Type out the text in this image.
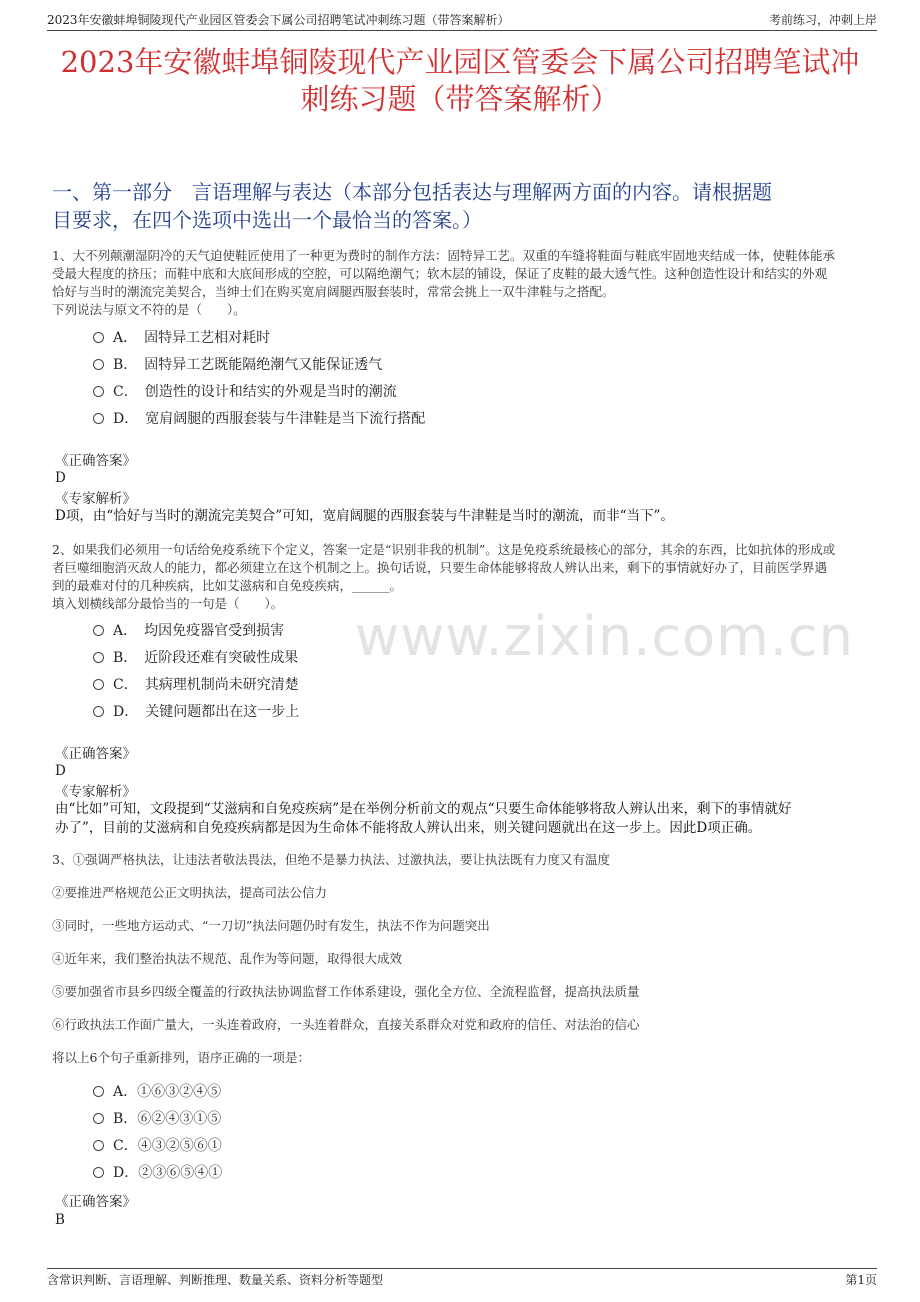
2023年安徽蚌埠铜陵现代产业园区管委会下属公司招聘笔试冲刺练习题（带答案解析）	考前练习，冲刺上岸
2023年安徽蚌埠铜陵现代产业园区管委会下属公司招聘笔试冲
刺练习题（带答案解析）
一、第一部分　言语理解与表达（本部分包括表达与理解两方面的内容。请根据题
目要求，在四个选项中选出一个最恰当的答案。）
www.zixin.com.cn

1、大不列颠潮湿阴冷的天气迫使鞋匠使用了一种更为费时的制作方法：固特异工艺。双重的车缝将鞋面与鞋底牢固地夹结成一体，使鞋体能承

受最大程度的挤压；而鞋中底和大底间形成的空腔，可以隔绝潮气；软木层的铺设，保证了皮鞋的最大透气性。这种创造性设计和结实的外观

恰好与当时的潮流完美契合，当绅士们在购买宽肩阔腿西服套装时，常常会挑上一双牛津鞋与之搭配。

下列说法与原文不符的是（　　）。

A．　固特异工艺相对耗时
B．　固特异工艺既能隔绝潮气又能保证透气
C．　创造性的设计和结实的外观是当时的潮流
D．　宽肩阔腿的西服套装与牛津鞋是当下流行搭配
《正确答案》
D
《专家解析》
D项，由“恰好与当时的潮流完美契合”可知，宽肩阔腿的西服套装与牛津鞋是当时的潮流，而非“当下”。

2、如果我们必须用一句话给免疫系统下个定义，答案一定是“识别非我的机制”。这是免疫系统最核心的部分，其余的东西，比如抗体的形成或

者巨噬细胞消灭敌人的能力，都必须建立在这个机制之上。换句话说，只要生命体能够将敌人辨认出来，剩下的事情就好办了，目前医学界遇

到的最难对付的几种疾病，比如艾滋病和自免疫疾病，______。

填入划横线部分最恰当的一句是（　　）。

A．　均因免疫器官受到损害
B．　近阶段还难有突破性成果
C．　其病理机制尚未研究清楚
D．　关键问题都出在这一步上
《正确答案》
D
《专家解析》
由“比如”可知，文段提到“艾滋病和自免疫疾病”是在举例分析前文的观点“只要生命体能够将敌人辨认出来，剩下的事情就好
办了”，目前的艾滋病和自免疫疾病都是因为生命体不能将敌人辨认出来，则关键问题就出在这一步上。因此D项正确。
3、①强调严格执法，让违法者敬法畏法，但绝不是暴力执法、过激执法，要让执法既有力度又有温度
②要推进严格规范公正文明执法，提高司法公信力
③同时，一些地方运动式、“一刀切”执法问题仍时有发生，执法不作为问题突出
④近年来，我们整治执法不规范、乱作为等问题，取得很大成效
⑤要加强省市县乡四级全覆盖的行政执法协调监督工作体系建设，强化全方位、全流程监督，提高执法质量
⑥行政执法工作面广量大，一头连着政府，一头连着群众，直接关系群众对党和政府的信任、对法治的信心
将以上6个句子重新排列，语序正确的一项是：
A．①⑥③②④⑤
B．⑥②④③①⑤
C．④③②⑤⑥①
D．②③⑥⑤④①
《正确答案》
B
含常识判断、言语理解、判断推理、数量关系、资料分析等题型	第1页
